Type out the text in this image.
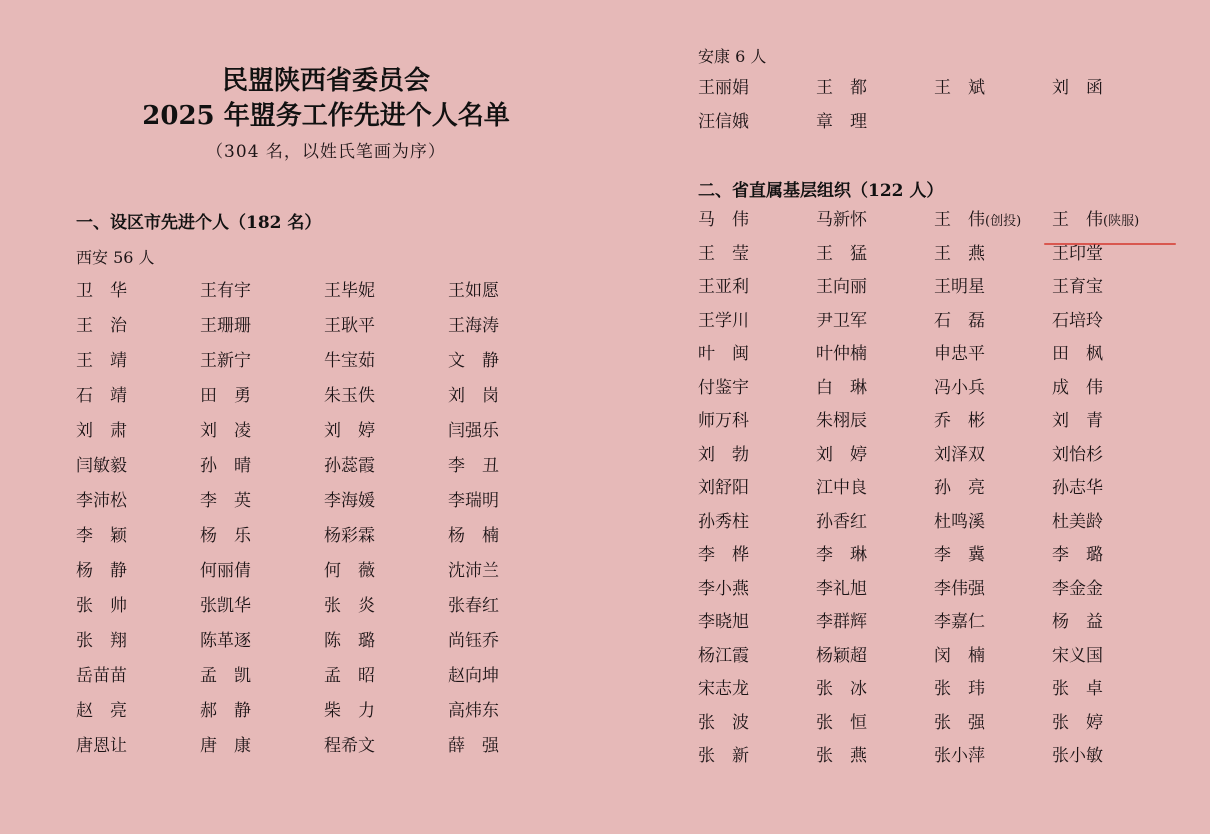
民盟陕西省委员会
2025 年盟务工作先进个人名单
（304 名，以姓氏笔画为序）
一、设区市先进个人（182 名）
西安 56 人
卫　华	王有宇	王毕妮	王如愿
王　治	王珊珊	王耿平	王海涛
王　靖	王新宁	牛宝茹	文　静
石　靖	田　勇	朱玉佚	刘　岗
刘　肃	刘　凌	刘　婷	闫强乐
闫敏毅	孙　晴	孙蕊霞	李　丑
李沛松	李　英	李海媛	李瑞明
李　颖	杨　乐	杨彩霖	杨　楠
杨　静	何丽倩	何　薇	沈沛兰
张　帅	张凯华	张　炎	张春红
张　翔	陈革逐	陈　璐	尚钰乔
岳苗苗	孟　凯	孟　昭	赵向坤
赵　亮	郝　静	柴　力	高炜东
唐恩让	唐　康	程希文	薛　强
安康 6 人
王丽娟	王　都	王　斌	刘　函
汪信娥	章　理
二、省直属基层组织（122 人）
马　伟	马新怀	王　伟(创投)	王　伟(陕服)
王　莹	王　猛	王　燕	王印堂
王亚利	王向丽	王明星	王育宝
王学川	尹卫军	石　磊	石培玲
叶　闽	叶仲楠	申忠平	田　枫
付鉴宇	白　琳	冯小兵	成　伟
师万科	朱栩辰	乔　彬	刘　青
刘　勃	刘　婷	刘泽双	刘怡杉
刘舒阳	江中良	孙　亮	孙志华
孙秀柱	孙香红	杜鸣溪	杜美龄
李　桦	李　琳	李　冀	李　璐
李小燕	李礼旭	李伟强	李金金
李晓旭	李群辉	李嘉仁	杨　益
杨江霞	杨颖超	闵　楠	宋义国
宋志龙	张　冰	张　玮	张　卓
张　波	张　恒	张　强	张　婷
张　新	张　燕	张小萍	张小敏
